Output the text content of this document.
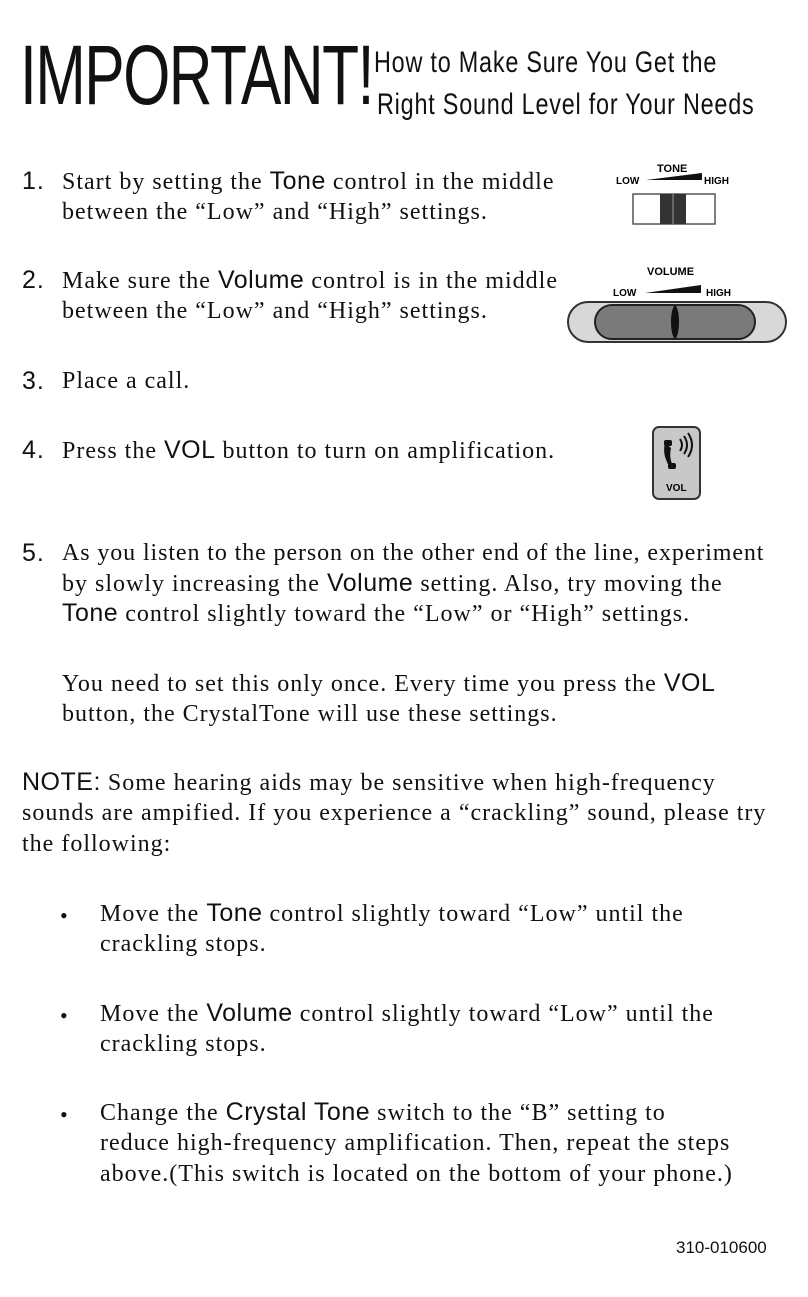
IMPORTANT! How to Make Sure You Get the
Right Sound Level for Your Needs
TONE
LOW	HIGH
VOLUME
LOW	HIGH
VOL
1. Start by setting the Tone control in the middle
between the “Low” and “High” settings.
2. Make sure the Volume control is in the middle
between the “Low” and “High” settings.
3. Place a call.
4. Press the VOL button to turn on amplification.
5. As you listen to the person on the other end of the line, experiment
by slowly increasing the Volume setting. Also, try moving the
Tone control slightly toward the “Low” or “High” settings.
You need to set this only once. Every time you press the VOL
button, the CrystalTone will use these settings.
NOTE: Some hearing aids may be sensitive when high-frequency
sounds are ampified. If you experience a “crackling” sound, please try
the following:
• Move the Tone control slightly toward “Low” until the
crackling stops.
• Move the Volume control slightly toward “Low” until the
crackling stops.
• Change the Crystal Tone switch to the “B” setting to
reduce high-frequency amplification. Then, repeat the steps
above.(This switch is located on the bottom of your phone.)
310-010600
